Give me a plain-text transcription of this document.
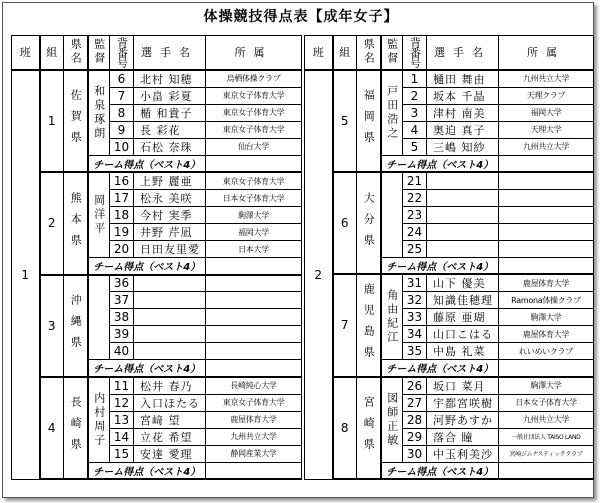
体操競技得点表【成年女子】
班	組	県名	監督	背番号	選手名	所属
1	1	佐賀県	和泉琢朗	6	北村 知穂	烏栖体操クラブ
				7	小畠 彩夏	東京女子体育大学
				8	楯 和貴子	東京女子体育大学
				9	長 彩花	東京女子体育大学
				10	石松 奈珠	仙台大学
			チーム得点（ベスト4）			
	2	熊本県	岡洋平	16	上野 麗亜	東京女子体育大学
				17	松永 美咲	日本女子体育大学
				18	今村 実季	駒澤大学
				19	井野 芹凪	福岡大学
				20	日田友里愛	日本大学
			チーム得点（ベスト4）			
	3	沖縄県		36		
				37		
				38		
				39		
				40		
			チーム得点（ベスト4）			
	4	長崎県	内村周子	11	松井 春乃	長崎純心大学
				12	入口ほたる	東京女子体育大学
				13	宮﨑 望	鹿屋体育大学
				14	立花 希望	九州共立大学
				15	安達 愛理	静岡産業大学
			チーム得点（ベスト4）			
班	組	県名	監督	背番号	選手名	所属
2	5	福岡県	戸田浩之	1	樋田 舞由	九州共立大学
				2	坂本 千晶	天理クラブ
				3	津村 南美	福岡大学
				4	奥迫 真子	天理大学
				5	三嶋 知紗	九州共立大学
			チーム得点（ベスト4）			
	6	大分県		21		
				22		
				23		
				24		
				25		
			チーム得点（ベスト4）			
	7	鹿児島県	角由紀江	31	山下 優美	鹿屋体育大学
				32	知識佳穂理	Ramona体操クラブ
				33	藤原 亜瑚	駒澤大学
				34	山口こはる	鹿屋体育大学
				35	中島 礼菜	れいめいクラブ
			チーム得点（ベスト4）			
	8	宮崎県	図師正敏	26	坂口 菜月	駒澤大学
				27	宇都宮咲樹	日本女子体育大学
				28	河野あすか	九州共立大学
				29	落合 瞳	一般社団法人 TAISO LAND
				30	中玉利美沙	宮崎ジムナスティッククラブ
			チーム得点（ベスト4）			
